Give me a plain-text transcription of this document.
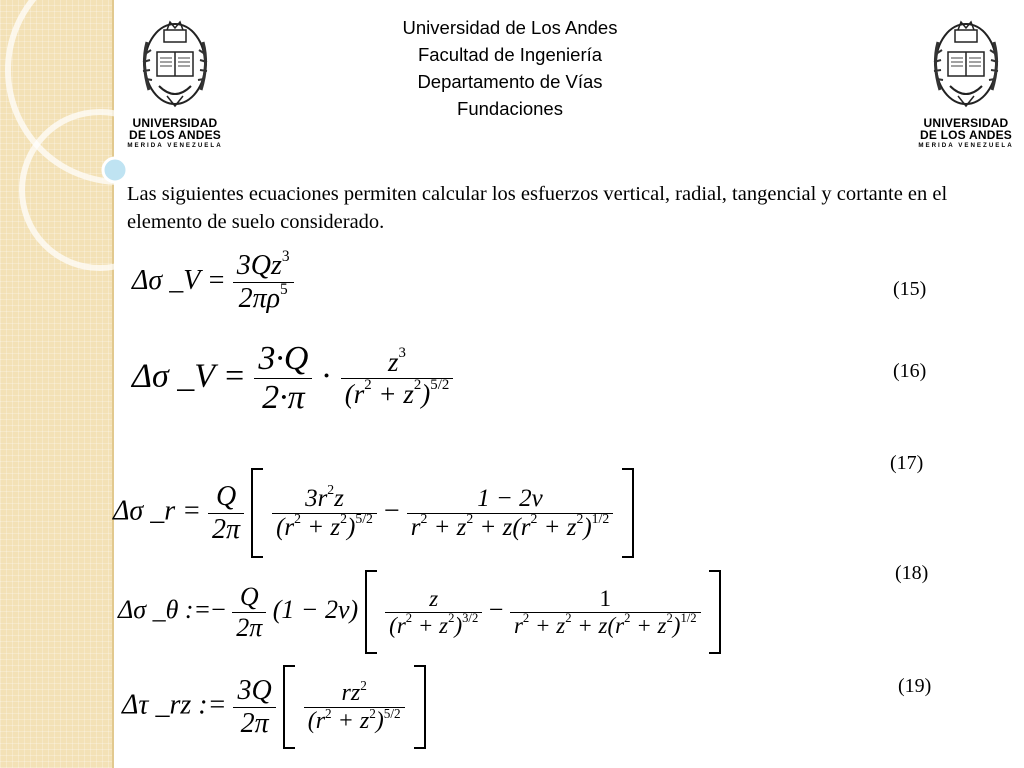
UNIVERSIDAD
DE LOS ANDES
MERIDA VENEZUELA
UNIVERSIDAD
DE LOS ANDES
MERIDA VENEZUELA
Universidad de Los Andes
Facultad de Ingeniería
Departamento de Vías
Fundaciones
Las siguientes ecuaciones permiten calcular los esfuerzos vertical, radial, tangencial y cortante en el elemento de suelo considerado.
Δσ _V = $\frac{3Qz^3}{2\pi\rho^5}$	(15)
Δσ _V = $\frac{3\cdot Q}{2\cdot\pi} \cdot \frac{z^3}{(r^2 + z^2)^{5/2}}$	(16)
(17)
Δσ _r = $\frac{Q}{2\pi}$
$\frac{3r^2z}{(r^2 + z^2)^{5/2}} - \frac{1 - 2v}{r^2 + z^2 + z(r^2 + z^2)^{1/2}}$

(18)
Δσ _θ :=− $\frac{Q}{2\pi} (1 - 2v) \frac{z}{(r^2 + z^2)^{3/2}} - \frac{1}{r^2 + z^2 + z(r^2 + z^2)^{1/2}}$

(19)
Δτ _rz := $\frac{3Q}{2\pi}$
$\frac{rz^2}{(r^2 + z^2)^{5/2}}$
